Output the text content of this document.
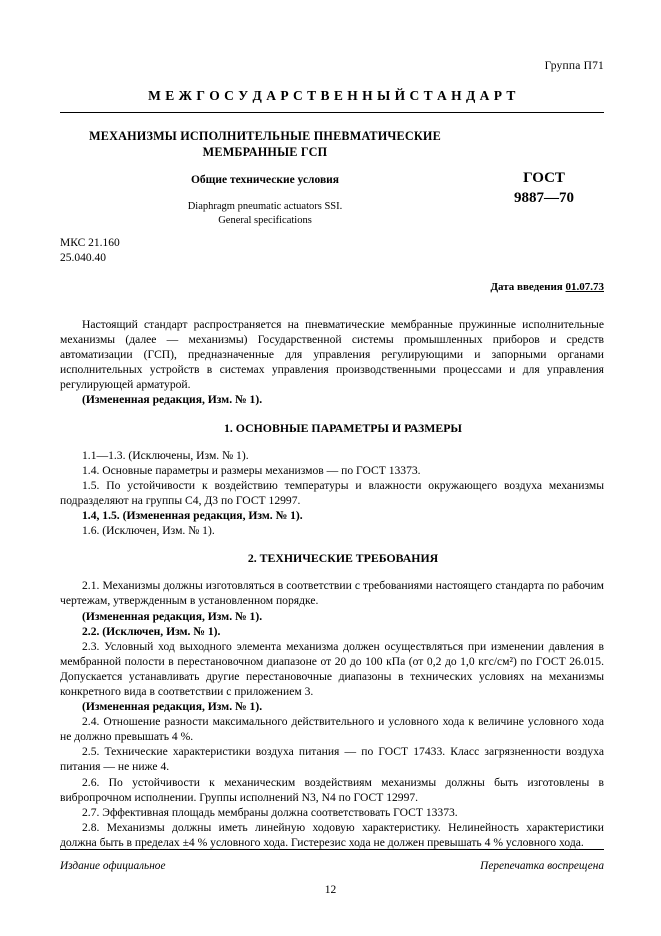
Группа П71
М Е Ж Г О С У Д А Р С Т В Е Н Н Ы Й С Т А Н Д А Р Т
МЕХАНИЗМЫ ИСПОЛНИТЕЛЬНЫЕ ПНЕВМАТИЧЕСКИЕ
МЕМБРАННЫЕ ГСП
Общие технические условия
Diaphragm pneumatic actuators SSI.
General specifications
ГОСТ
9887—70
МКС 21.160
25.040.40
Дата введения 01.07.73

Настоящий стандарт распространяется на пневматические мембранные пружинные исполнительные механизмы (далее — механизмы) Государственной системы промышленных приборов и средств автоматизации (ГСП), предназначенные для управления регулирующими и запорными органами исполнительных устройств в системах управления производственными процессами и для управления регулирующей арматурой.

(Измененная редакция, Изм. № 1).

1. ОСНОВНЫЕ ПАРАМЕТРЫ И РАЗМЕРЫ

1.1—1.3. (Исключены, Изм. № 1).

1.4. Основные параметры и размеры механизмов — по ГОСТ 13373.

1.5. По устойчивости к воздействию температуры и влажности окружающего воздуха механизмы подразделяют на группы С4, Д3 по ГОСТ 12997.

1.4, 1.5. (Измененная редакция, Изм. № 1).

1.6. (Исключен, Изм. № 1).

2. ТЕХНИЧЕСКИЕ ТРЕБОВАНИЯ

2.1. Механизмы должны изготовляться в соответствии с требованиями настоящего стандарта по рабочим чертежам, утвержденным в установленном порядке.

(Измененная редакция, Изм. № 1).

2.2. (Исключен, Изм. № 1).

2.3. Условный ход выходного элемента механизма должен осуществляться при изменении давления в мембранной полости в перестановочном диапазоне от 20 до 100 кПа (от 0,2 до 1,0 кгс/см²) по ГОСТ 26.015. Допускается устанавливать другие перестановочные диапазоны в технических условиях на механизмы конкретного вида в соответствии с приложением 3.

(Измененная редакция, Изм. № 1).

2.4. Отношение разности максимального действительного и условного хода к величине условного хода не должно превышать 4 %.

2.5. Технические характеристики воздуха питания — по ГОСТ 17433. Класс загрязненности воздуха питания — не ниже 4.

2.6. По устойчивости к механическим воздействиям механизмы должны быть изготовлены в вибропрочном исполнении. Группы исполнений N3, N4 по ГОСТ 12997.

2.7. Эффективная площадь мембраны должна соответствовать ГОСТ 13373.

2.8. Механизмы должны иметь линейную ходовую характеристику. Нелинейность характеристики должна быть в пределах ±4 % условного хода. Гистерезис хода не должен превышать 4 % условного хода.

Издание официальное	Перепечатка воспрещена
12
